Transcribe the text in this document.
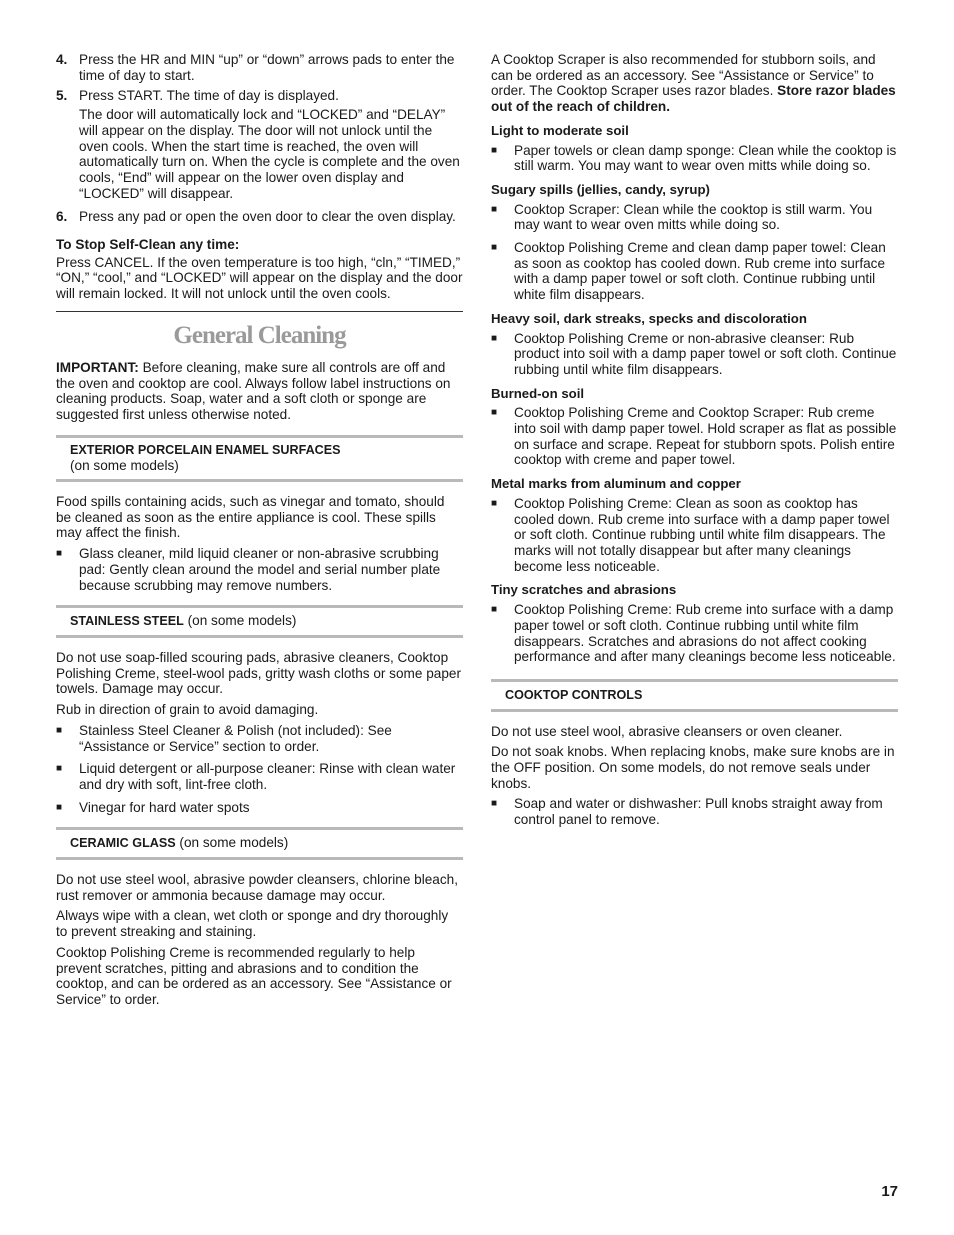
4. Press the HR and MIN “up” or “down” arrows pads to enter the time of day to start.
5. Press START. The time of day is displayed.

The door will automatically lock and “LOCKED” and “DELAY” will appear on the display. The door will not unlock until the oven cools. When the start time is reached, the oven will automatically turn on. When the cycle is complete and the oven cools, “End” will appear on the lower oven display and “LOCKED” will disappear.

6. Press any pad or open the oven door to clear the oven display.
To Stop Self-Clean any time:

Press CANCEL. If the oven temperature is too high, “cln,” “TIMED,” “ON,” “cool,” and “LOCKED” will appear on the display and the door will remain locked. It will not unlock until the oven cools.

General Cleaning

IMPORTANT: Before cleaning, make sure all controls are off and the oven and cooktop are cool. Always follow label instructions on cleaning products. Soap, water and a soft cloth or sponge are suggested first unless otherwise noted.

EXTERIOR PORCELAIN ENAMEL SURFACES
(on some models)

Food spills containing acids, such as vinegar and tomato, should be cleaned as soon as the entire appliance is cool. These spills may affect the finish.

■	Glass cleaner, mild liquid cleaner or non-abrasive scrubbing pad: Gently clean around the model and serial number plate because scrubbing may remove numbers.
STAINLESS STEEL (on some models)

Do not use soap-filled scouring pads, abrasive cleaners, Cooktop Polishing Creme, steel-wool pads, gritty wash cloths or some paper towels. Damage may occur.

Rub in direction of grain to avoid damaging.

■	Stainless Steel Cleaner & Polish (not included): See “Assistance or Service” section to order.
■	Liquid detergent or all-purpose cleaner: Rinse with clean water and dry with soft, lint-free cloth.
■	Vinegar for hard water spots
CERAMIC GLASS (on some models)

Do not use steel wool, abrasive powder cleansers, chlorine bleach, rust remover or ammonia because damage may occur.

Always wipe with a clean, wet cloth or sponge and dry thoroughly to prevent streaking and staining.

Cooktop Polishing Creme is recommended regularly to help prevent scratches, pitting and abrasions and to condition the cooktop, and can be ordered as an accessory. See “Assistance or Service” to order.

A Cooktop Scraper is also recommended for stubborn soils, and can be ordered as an accessory. See “Assistance or Service” to order. The Cooktop Scraper uses razor blades. Store razor blades out of the reach of children.

Light to moderate soil
■	Paper towels or clean damp sponge: Clean while the cooktop is still warm. You may want to wear oven mitts while doing so.
Sugary spills (jellies, candy, syrup)
■	Cooktop Scraper: Clean while the cooktop is still warm. You may want to wear oven mitts while doing so.
■	Cooktop Polishing Creme and clean damp paper towel: Clean as soon as cooktop has cooled down. Rub creme into surface with a damp paper towel or soft cloth. Continue rubbing until white film disappears.
Heavy soil, dark streaks, specks and discoloration
■	Cooktop Polishing Creme or non-abrasive cleanser: Rub product into soil with a damp paper towel or soft cloth. Continue rubbing until white film disappears.
Burned-on soil
■	Cooktop Polishing Creme and Cooktop Scraper: Rub creme into soil with damp paper towel. Hold scraper as flat as possible on surface and scrape. Repeat for stubborn spots. Polish entire cooktop with creme and paper towel.
Metal marks from aluminum and copper
■	Cooktop Polishing Creme: Clean as soon as cooktop has cooled down. Rub creme into surface with a damp paper towel or soft cloth. Continue rubbing until white film disappears. The marks will not totally disappear but after many cleanings become less noticeable.
Tiny scratches and abrasions
■	Cooktop Polishing Creme: Rub creme into surface with a damp paper towel or soft cloth. Continue rubbing until white film disappears. Scratches and abrasions do not affect cooking performance and after many cleanings become less noticeable.
COOKTOP CONTROLS

Do not use steel wool, abrasive cleansers or oven cleaner.

Do not soak knobs. When replacing knobs, make sure knobs are in the OFF position. On some models, do not remove seals under knobs.

■	Soap and water or dishwasher: Pull knobs straight away from control panel to remove.
17
